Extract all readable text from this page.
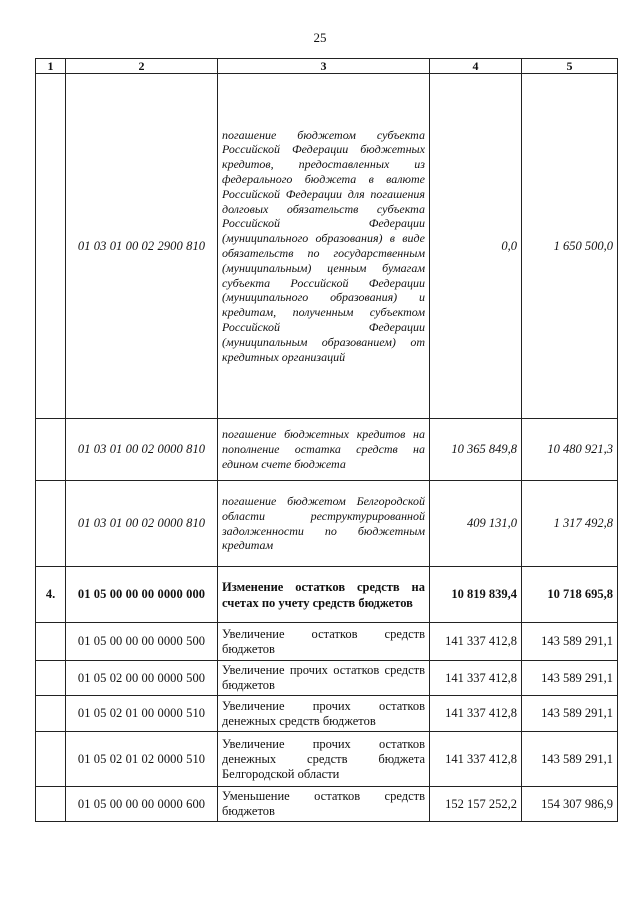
25
1	2	3	4	5
	01 03 01 00 02 2900 810	погашение бюджетом субъекта Российской Федерации бюджетных кредитов, предоставленных из федерального бюджета в валюте Российской Федерации для погашения долговых обязательств субъекта Российской Федерации (муниципального образования) в виде обязательств по государственным (муниципальным) ценным бумагам субъекта Российской Федерации (муниципального образования) и кредитам, полученным субъектом Российской Федерации (муниципальным образованием) от кредитных организаций	0,0	1 650 500,0
	01 03 01 00 02 0000 810	погашение бюджетных кредитов на пополнение остатка средств на едином счете бюджета	10 365 849,8	10 480 921,3
	01 03 01 00 02 0000 810	погашение бюджетом Белгородской области реструктурированной задолженности по бюджетным кредитам	409 131,0	1 317 492,8
4.	01 05 00 00 00 0000 000	Изменение остатков средств на счетах по учету средств бюджетов	10 819 839,4	10 718 695,8
	01 05 00 00 00 0000 500	Увеличение остатков средств бюджетов	141 337 412,8	143 589 291,1
	01 05 02 00 00 0000 500	Увеличение прочих остатков средств бюджетов	141 337 412,8	143 589 291,1
	01 05 02 01 00 0000 510	Увеличение прочих остатков денежных средств бюджетов	141 337 412,8	143 589 291,1
	01 05 02 01 02 0000 510	Увеличение прочих остатков денежных средств бюджета Белгородской области	141 337 412,8	143 589 291,1
	01 05 00 00 00 0000 600	Уменьшение остатков средств бюджетов	152 157 252,2	154 307 986,9
